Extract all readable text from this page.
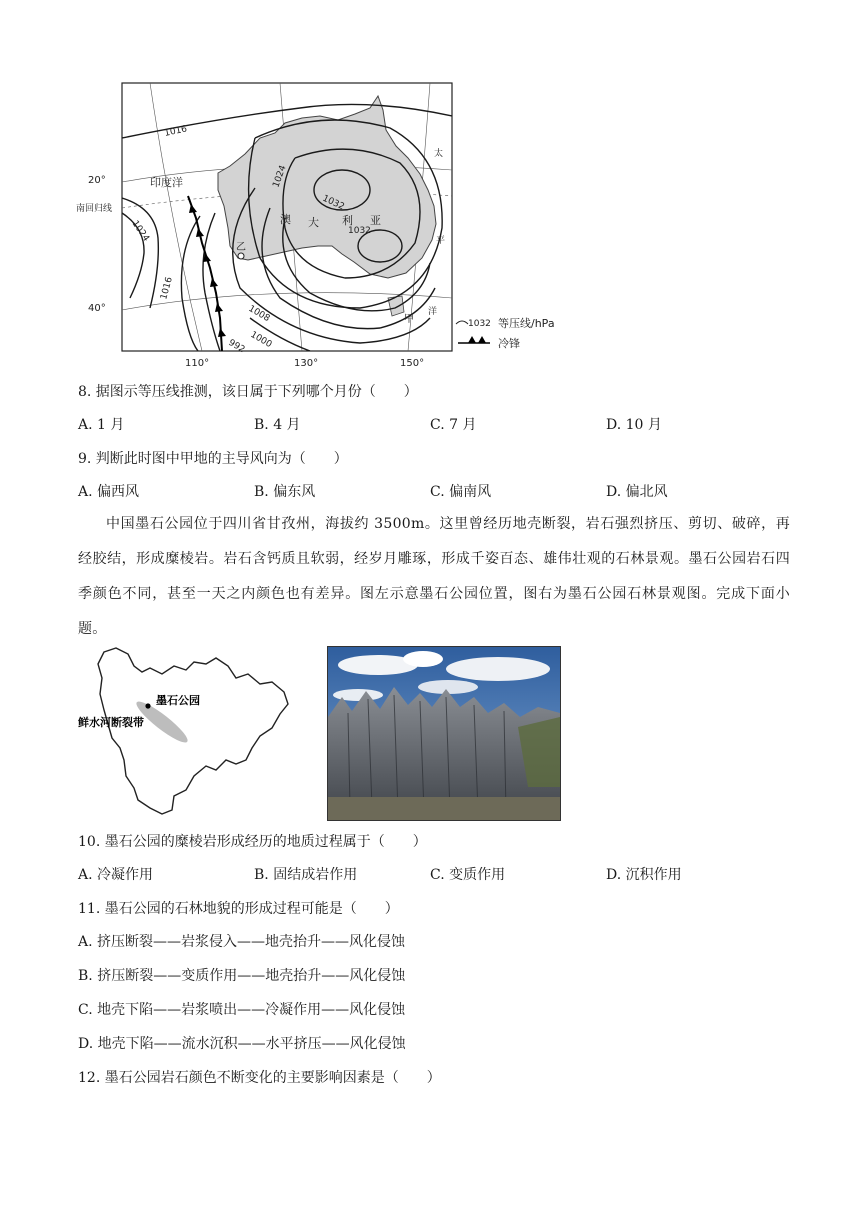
20°
南回归线
40°
110°	130°	150°
1016
1024
1032
1032
1024
1016
1008
1000
992
印度洋
澳 大 利 亚
太
平
洋
乙
甲	1032 等压线/hPa
冷锋
8. 据图示等压线推测，该日属于下列哪个月份（　　）
A. 1 月	B. 4 月	C. 7 月	D. 10 月
9. 判断此时图中甲地的主导风向为（　　）
A. 偏西风	B. 偏东风	C. 偏南风	D. 偏北风
中国墨石公园位于四川省甘孜州，海拔约 3500m。这里曾经历地壳断裂，岩石强烈挤压、剪切、破碎，再经胶结，形成糜棱岩。岩石含钙质且软弱，经岁月雕琢，形成千姿百态、雄伟壮观的石林景观。墨石公园岩石四季颜色不同，甚至一天之内颜色也有差异。图左示意墨石公园位置，图右为墨石公园石林景观图。完成下面小题。
墨石公园
鲜水河断裂带
10. 墨石公园的糜棱岩形成经历的地质过程属于（　　）
A. 冷凝作用	B. 固结成岩作用	C. 变质作用	D. 沉积作用
11. 墨石公园的石林地貌的形成过程可能是（　　）
A. 挤压断裂——岩浆侵入——地壳抬升——风化侵蚀
B. 挤压断裂——变质作用——地壳抬升——风化侵蚀
C. 地壳下陷——岩浆喷出——冷凝作用——风化侵蚀
D. 地壳下陷——流水沉积——水平挤压——风化侵蚀
12. 墨石公园岩石颜色不断变化的主要影响因素是（　　）
